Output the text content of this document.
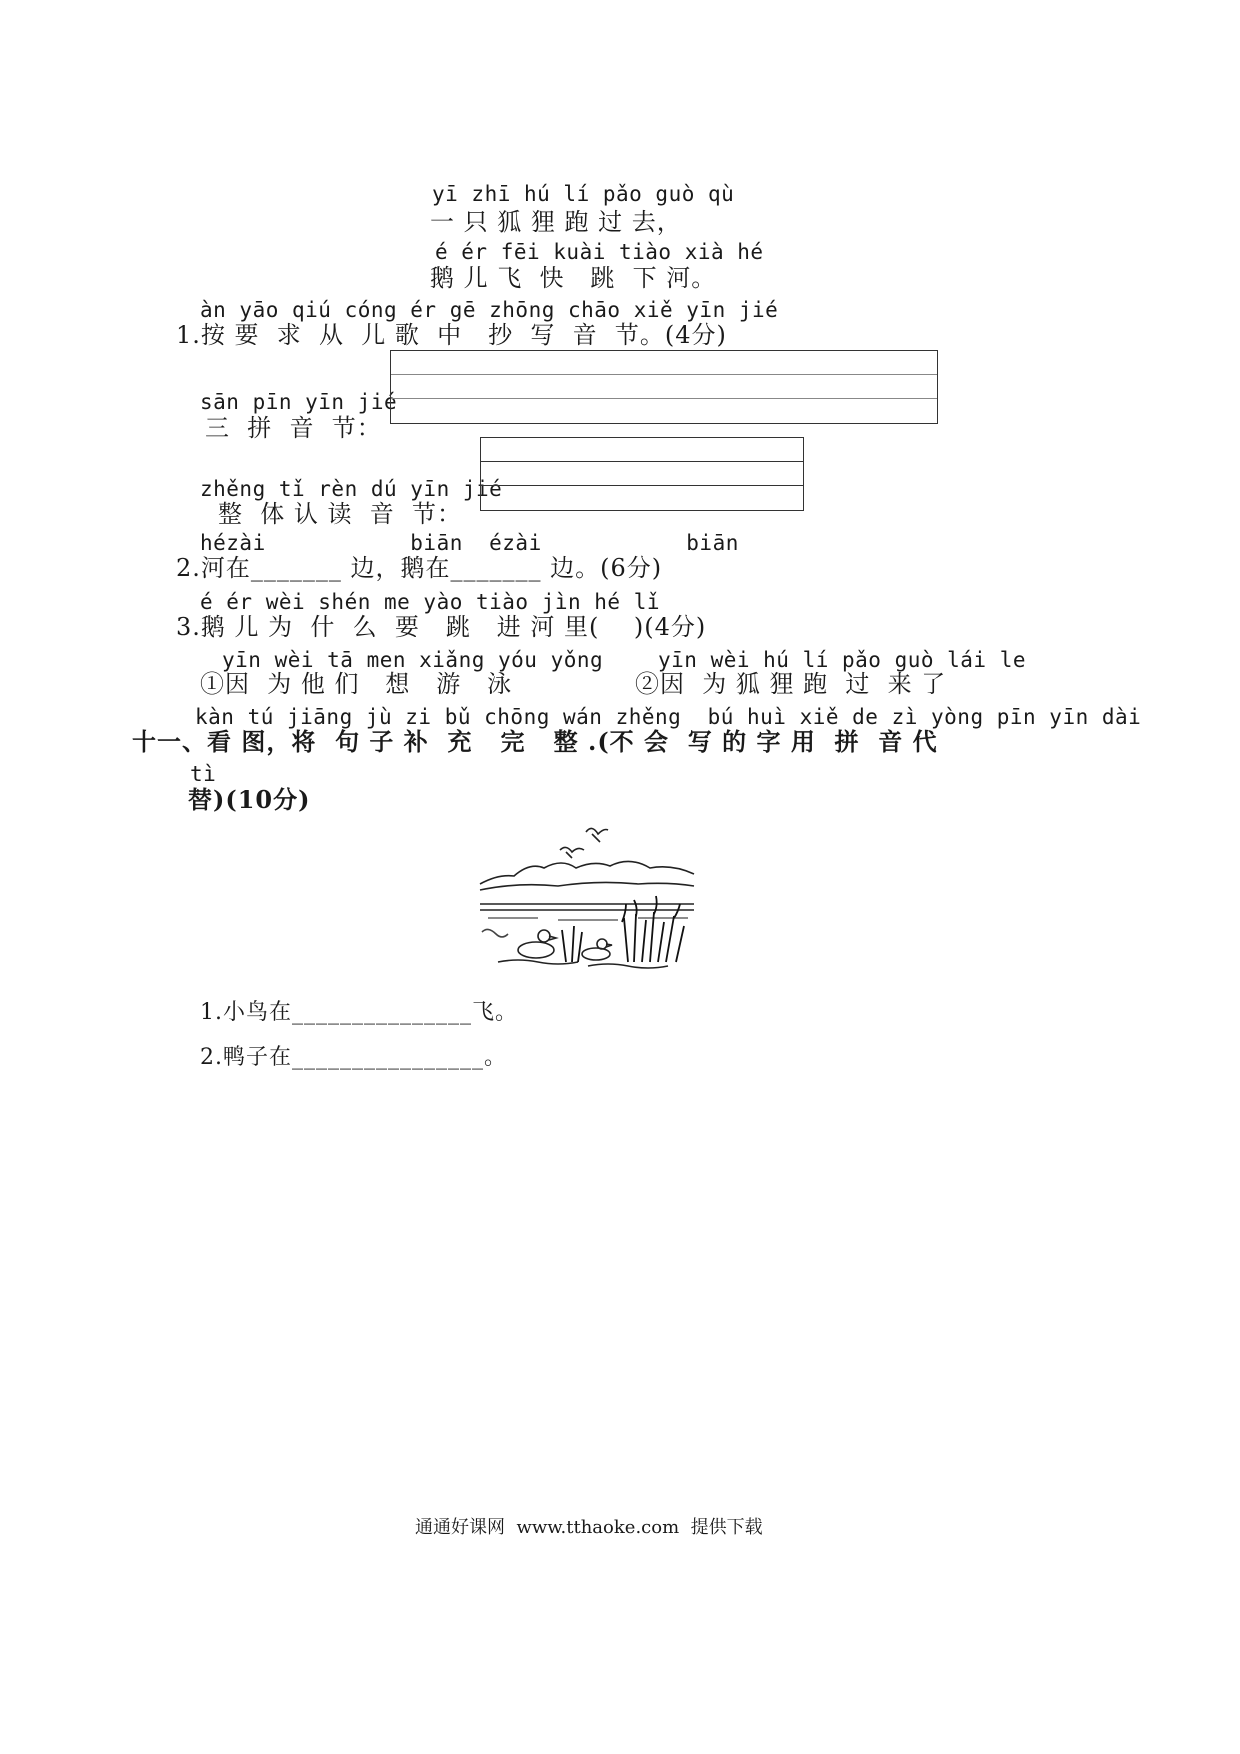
yī zhī hú lí pǎo guò qù
一 只 狐 狸 跑 过 去，
é ér fēi kuài tiào xià hé
鹅 儿 飞  快   跳  下 河。
àn yāo qiú cóng ér gē zhōng chāo xiě yīn jié
1.按 要  求  从  儿 歌  中   抄  写  音  节。(4分)
sān pīn yīn jié
三  拼  音  节：
zhěng tǐ rèn dú yīn jié
整  体 认 读  音  节：
hézài           biān  ézài           biān
2.河在_______ 边，鹅在_______ 边。(6分)
é ér wèi shén me yào tiào jìn hé lǐ
3.鹅 儿 为  什  么  要   跳   进 河 里(    )(4分)
yīn wèi tā men xiǎng yóu yǒng
①因  为 他 们   想   游   泳
yīn wèi hú lí pǎo guò lái le
②因  为 狐 狸 跑  过  来 了
kàn tú jiāng jù zi bǔ chōng wán zhěng  bú huì xiě de zì yòng pīn yīn dài
十一、看 图，将  句 子 补  充   完   整 .(不 会  写 的 字 用  拼  音 代
tì
替)(10分)
1.小鸟在_______________飞。
2.鸭子在________________。
通通好课网  www.tthaoke.com  提供下载
